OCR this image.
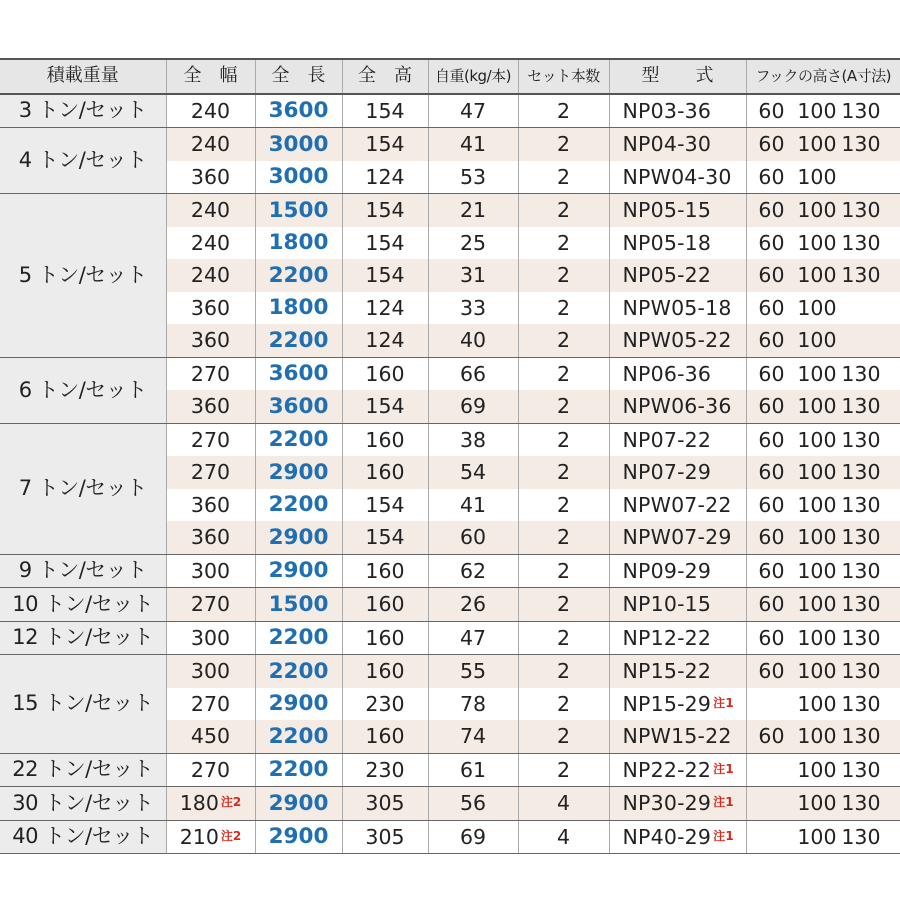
積載重量	全　幅	全　長	全　高	自重(kg/本)	セット本数	型　　式	フックの高さ(A寸法)
3 トン/セット	240	3600	154	47	2	NP03-36	60 100 130
4 トン/セット	240	3000	154	41	2	NP04-30	60 100 130
	360	3000	124	53	2	NPW04-30	60 100
5 トン/セット	240	1500	154	21	2	NP05-15	60 100 130
	240	1800	154	25	2	NP05-18	60 100 130
	240	2200	154	31	2	NP05-22	60 100 130
	360	1800	124	33	2	NPW05-18	60 100
	360	2200	124	40	2	NPW05-22	60 100
6 トン/セット	270	3600	160	66	2	NP06-36	60 100 130
	360	3600	154	69	2	NPW06-36	60 100 130
7 トン/セット	270	2200	160	38	2	NP07-22	60 100 130
	270	2900	160	54	2	NP07-29	60 100 130
	360	2200	154	41	2	NPW07-22	60 100 130
	360	2900	154	60	2	NPW07-29	60 100 130
9 トン/セット	300	2900	160	62	2	NP09-29	60 100 130
10 トン/セット	270	1500	160	26	2	NP10-15	60 100 130
12 トン/セット	300	2200	160	47	2	NP12-22	60 100 130
15 トン/セット	300	2200	160	55	2	NP15-22	60 100 130
	270	2900	230	78	2	NP15-29 注1	100 130
	450	2200	160	74	2	NPW15-22	60 100 130
22 トン/セット	270	2200	230	61	2	NP22-22 注1	100 130
30 トン/セット	180 注2	2900	305	56	4	NP30-29 注1	100 130
40 トン/セット	210 注2	2900	305	69	4	NP40-29 注1	100 130
